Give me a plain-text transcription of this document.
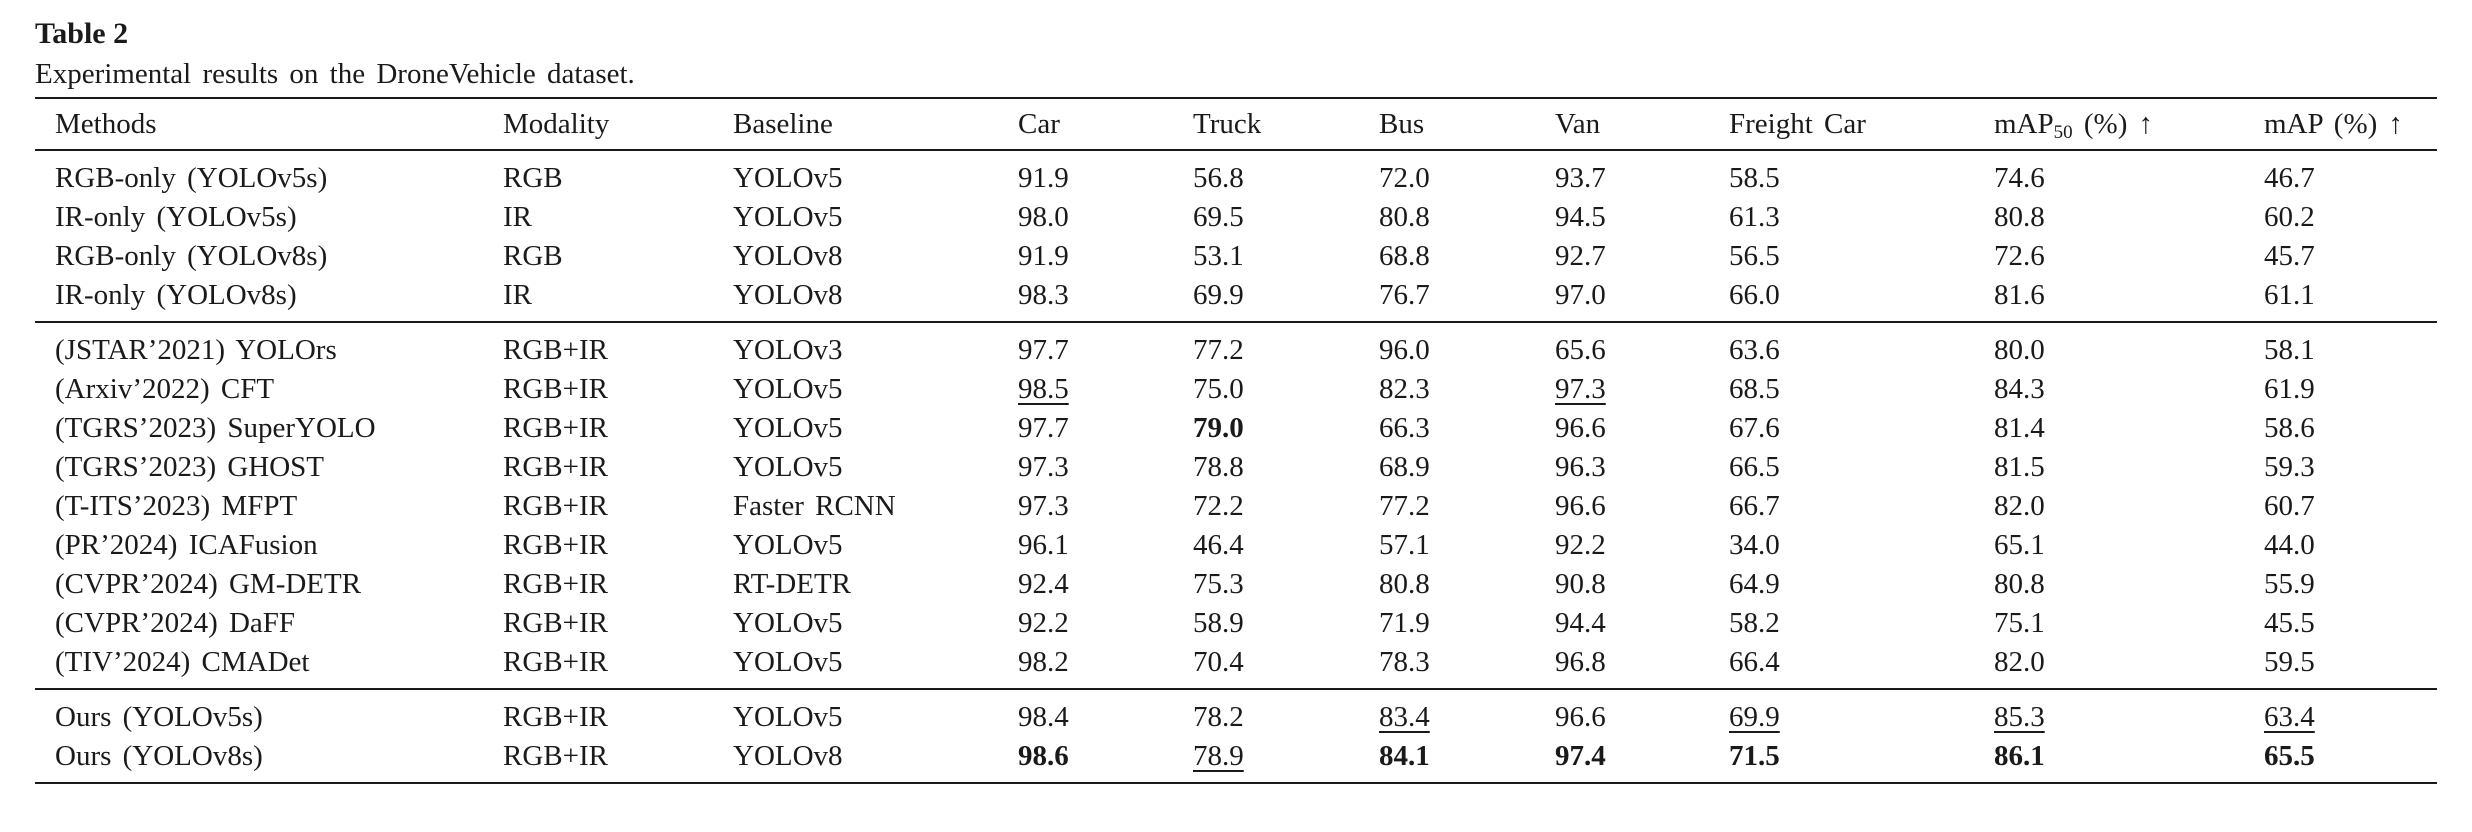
Table 2

Experimental results on the DroneVehicle dataset.

Methods	Modality	Baseline	Car	Truck	Bus	Van	Freight Car	mAP$_{50}$ (%) ↑	mAP (%) ↑
RGB-only (YOLOv5s)	RGB	YOLOv5	91.9	56.8	72.0	93.7	58.5	74.6	46.7
IR-only (YOLOv5s)	IR	YOLOv5	98.0	69.5	80.8	94.5	61.3	80.8	60.2
RGB-only (YOLOv8s)	RGB	YOLOv8	91.9	53.1	68.8	92.7	56.5	72.6	45.7
IR-only (YOLOv8s)	IR	YOLOv8	98.3	69.9	76.7	97.0	66.0	81.6	61.1
(JSTAR’2021) YOLOrs	RGB+IR	YOLOv3	97.7	77.2	96.0	65.6	63.6	80.0	58.1
(Arxiv’2022) CFT	RGB+IR	YOLOv5	98.5	75.0	82.3	97.3	68.5	84.3	61.9
(TGRS’2023) SuperYOLO	RGB+IR	YOLOv5	97.7	79.0	66.3	96.6	67.6	81.4	58.6
(TGRS’2023) GHOST	RGB+IR	YOLOv5	97.3	78.8	68.9	96.3	66.5	81.5	59.3
(T-ITS’2023) MFPT	RGB+IR	Faster RCNN	97.3	72.2	77.2	96.6	66.7	82.0	60.7
(PR’2024) ICAFusion	RGB+IR	YOLOv5	96.1	46.4	57.1	92.2	34.0	65.1	44.0
(CVPR’2024) GM-DETR	RGB+IR	RT-DETR	92.4	75.3	80.8	90.8	64.9	80.8	55.9
(CVPR’2024) DaFF	RGB+IR	YOLOv5	92.2	58.9	71.9	94.4	58.2	75.1	45.5
(TIV’2024) CMADet	RGB+IR	YOLOv5	98.2	70.4	78.3	96.8	66.4	82.0	59.5
Ours (YOLOv5s)	RGB+IR	YOLOv5	98.4	78.2	83.4	96.6	69.9	85.3	63.4
Ours (YOLOv8s)	RGB+IR	YOLOv8	98.6	78.9	84.1	97.4	71.5	86.1	65.5
